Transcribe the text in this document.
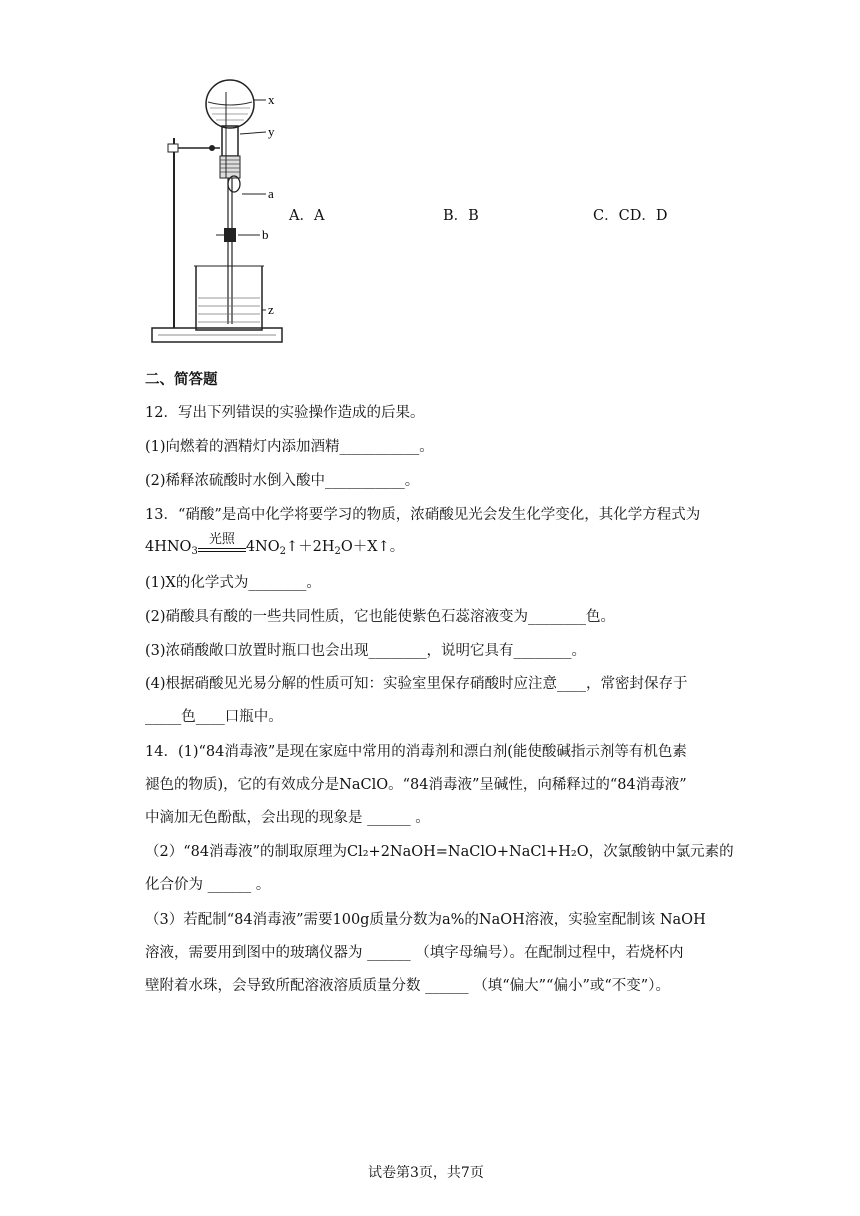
x
y
a
b
z
A．A	B．B	C．CD．D
二、简答题
12．写出下列错误的实验操作造成的后果。
(1)向燃着的酒精灯内添加酒精___________。
(2)稀释浓硫酸时水倒入酸中___________。
13．“硝酸”是高中化学将要学习的物质，浓硝酸见光会发生化学变化，其化学方程式为
$4HNO_3$
光照 $4NO_2↑+2H_2O+X↑$。
(1)X的化学式为________。
(2)硝酸具有酸的一些共同性质，它也能使紫色石蕊溶液变为________色。
(3)浓硝酸敞口放置时瓶口也会出现________，说明它具有________。
(4)根据硝酸见光易分解的性质可知：实验室里保存硝酸时应注意____，常密封保存于
_____色____口瓶中。
14．(1)“84消毒液”是现在家庭中常用的消毒剂和漂白剂(能使酸碱指示剂等有机色素
褪色的物质)，它的有效成分是NaClO。“84消毒液”呈碱性，向稀释过的“84消毒液”
中滴加无色酚酞，会出现的现象是 ______ 。
（2）“84消毒液”的制取原理为Cl₂+2NaOH=NaClO+NaCl+H₂O，次氯酸钠中氯元素的
化合价为 ______ 。
（3）若配制“84消毒液”需要100g质量分数为a%的NaOH溶液，实验室配制该 NaOH
溶液，需要用到图中的玻璃仪器为 ______ （填字母编号）。在配制过程中，若烧杯内
壁附着水珠，会导致所配溶液溶质质量分数 ______ （填“偏大”“偏小”或“不变”）。
试卷第3页，共7页
